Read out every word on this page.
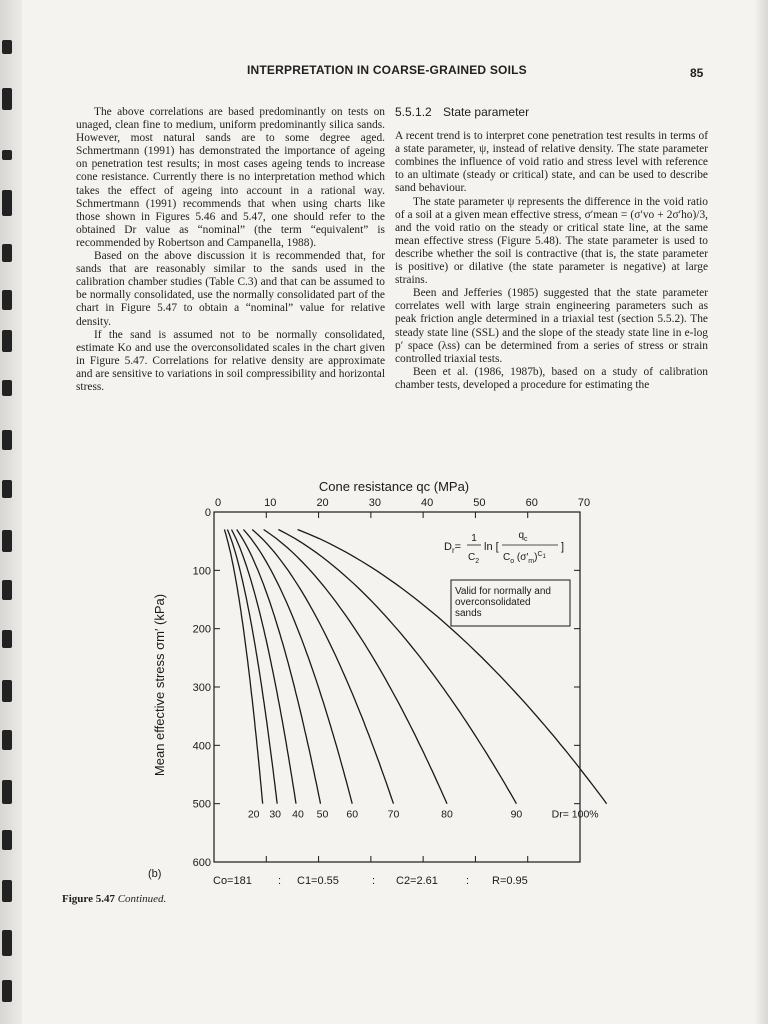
INTERPRETATION IN COARSE-GRAINED SOILS	85

The above correlations are based predominantly on tests on unaged, clean fine to medium, uniform predominantly silica sands. However, most natural sands are to some degree aged. Schmertmann (1991) has demonstrated the importance of ageing on penetration test results; in most cases ageing tends to increase cone resistance. Currently there is no interpretation method which takes the effect of ageing into account in a rational way. Schmertmann (1991) recommends that when using charts like those shown in Figures 5.46 and 5.47, one should refer to the obtained Dr value as “nominal” (the term “equivalent” is recommended by Robertson and Campanella, 1988).

Based on the above discussion it is recommended that, for sands that are reasonably similar to the sands used in the calibration chamber studies (Table C.3) and that can be assumed to be normally consolidated, use the normally consolidated part of the chart in Figure 5.47 to obtain a “nominal” value for relative density.

If the sand is assumed not to be normally consolidated, estimate Ko and use the overconsolidated scales in the chart given in Figure 5.47. Correlations for relative density are approximate and are sensitive to variations in soil compressibility and horizontal stress.

5.5.1.2 State parameter

A recent trend is to interpret cone penetration test results in terms of a state parameter, ψ, instead of relative density. The state parameter combines the influence of void ratio and stress level with reference to an ultimate (steady or critical) state, and can be used to describe sand behaviour.

The state parameter ψ represents the difference in the void ratio of a soil at a given mean effective stress, σ′mean = (σ′vo + 2σ′ho)/3, and the void ratio on the steady or critical state line, at the same mean effective stress (Figure 5.48). The state parameter is used to describe whether the soil is contractive (that is, the state parameter is positive) or dilative (the state parameter is negative) at large strains.

Been and Jefferies (1985) suggested that the state parameter correlates well with large strain engineering parameters such as peak friction angle determined in a triaxial test (section 5.5.2). The steady state line (SSL) and the slope of the steady state line in e-log p′ space (λss) can be determined from a series of stress or strain controlled triaxial tests.

Been et al. (1986, 1987b), based on a study of calibration chamber tests, developed a procedure for estimating the

Cone resistance qc (MPa)
Mean effective stress σm′ (kPa)
0	10	20	30	40	50	60	70
0
100
200
300
400
500
600
20 30 40 50 60	70	80	90	Dr= 100%
$D_r=$
1
$C_2$
ln [
$q_c$
$C_o$ $(\sigma'_m)^C_1$
]
Valid for normally and
overconsolidated
sands
(b)
Co=181 : C1=0.55	: C2=2.61	: R=0.95
Figure 5.47 Continued.
